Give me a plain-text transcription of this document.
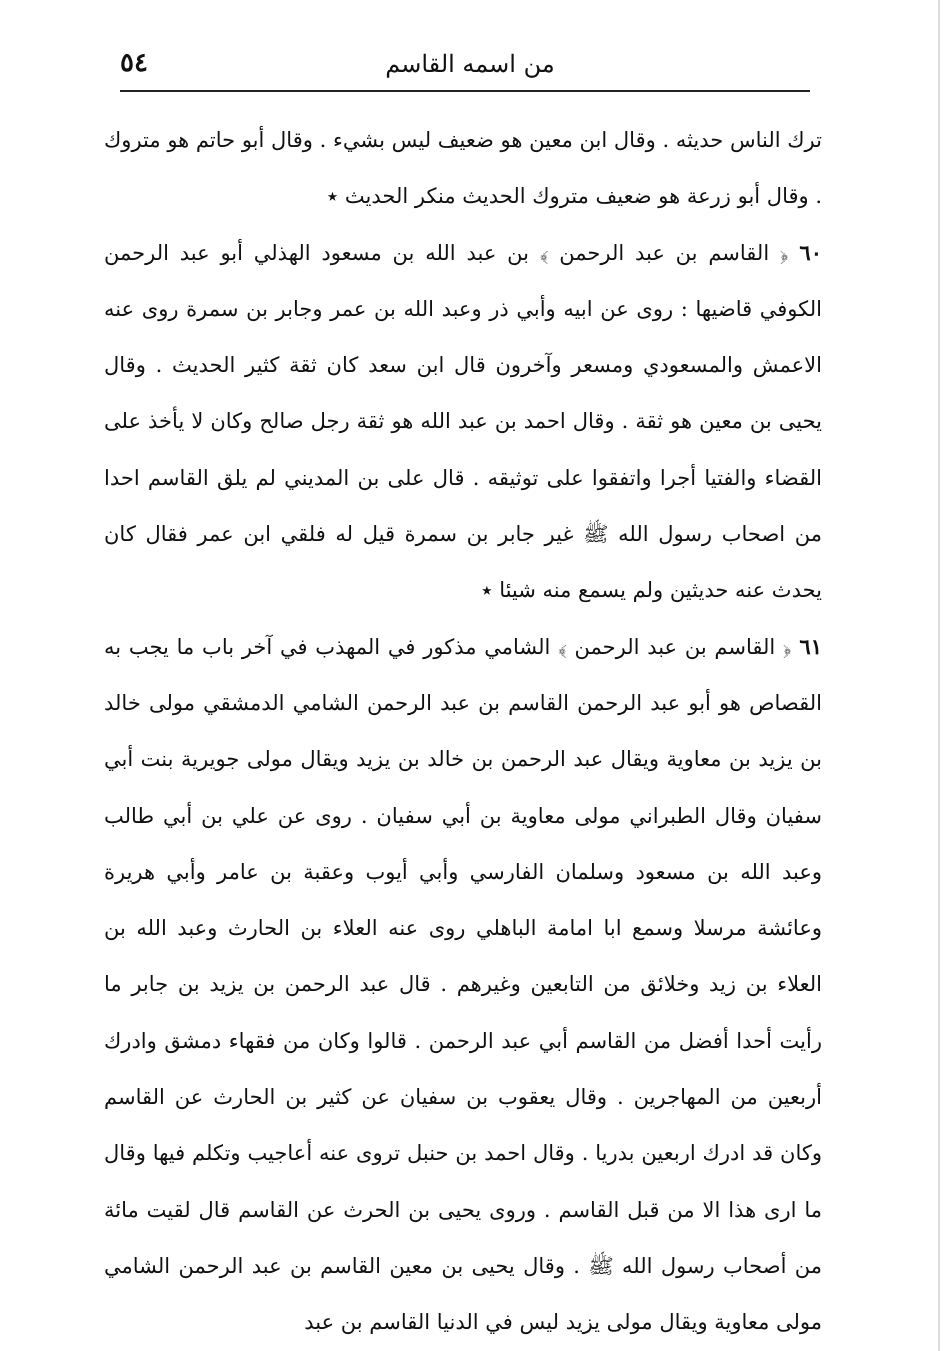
٥٤	من اسمه القاسم

ترك الناس حديثه . وقال ابن معين هو ضعيف ليس بشيء . وقال أبو حاتم هو متروك . وقال أبو زرعة هو ضعيف متروك الحديث منكر الحديث ٭

٦٠ ﴿ القاسم بن عبد الرحمن ﴾ بن عبد الله بن مسعود الهذلي أبو عبد الرحمن الكوفي قاضيها : روى عن ابيه وأبي ذر وعبد الله بن عمر وجابر بن سمرة روى عنه الاعمش والمسعودي ومسعر وآخرون قال ابن سعد كان ثقة كثير الحديث . وقال يحيى بن معين هو ثقة . وقال احمد بن عبد الله هو ثقة رجل صالح وكان لا يأخذ على القضاء والفتيا أجرا واتفقوا على توثيقه . قال على بن المديني لم يلق القاسم احدا من اصحاب رسول الله ﷺ غير جابر بن سمرة قيل له فلقي ابن عمر فقال كان يحدث عنه حديثين ولم يسمع منه شيئا ٭

٦١ ﴿ القاسم بن عبد الرحمن ﴾ الشامي مذكور في المهذب في آخر باب ما يجب به القصاص هو أبو عبد الرحمن القاسم بن عبد الرحمن الشامي الدمشقي مولى خالد بن يزيد بن معاوية ويقال عبد الرحمن بن خالد بن يزيد ويقال مولى جويرية بنت أبي سفيان وقال الطبراني مولى معاوية بن أبي سفيان . روى عن علي بن أبي طالب وعبد الله بن مسعود وسلمان الفارسي وأبي أيوب وعقبة بن عامر وأبي هريرة وعائشة مرسلا وسمع ابا امامة الباهلي روى عنه العلاء بن الحارث وعبد الله بن العلاء بن زيد وخلائق من التابعين وغيرهم . قال عبد الرحمن بن يزيد بن جابر ما رأيت أحدا أفضل من القاسم أبي عبد الرحمن . قالوا وكان من فقهاء دمشق وادرك أربعين من المهاجرين . وقال يعقوب بن سفيان عن كثير بن الحارث عن القاسم وكان قد ادرك اربعين بدريا . وقال احمد بن حنبل تروى عنه أعاجيب وتكلم فيها وقال ما ارى هذا الا من قبل القاسم . وروى يحيى بن الحرث عن القاسم قال لقيت مائة من أصحاب رسول الله ﷺ . وقال يحيى بن معين القاسم بن عبد الرحمن الشامي مولى معاوية ويقال مولى يزيد ليس في الدنيا القاسم بن عبد
